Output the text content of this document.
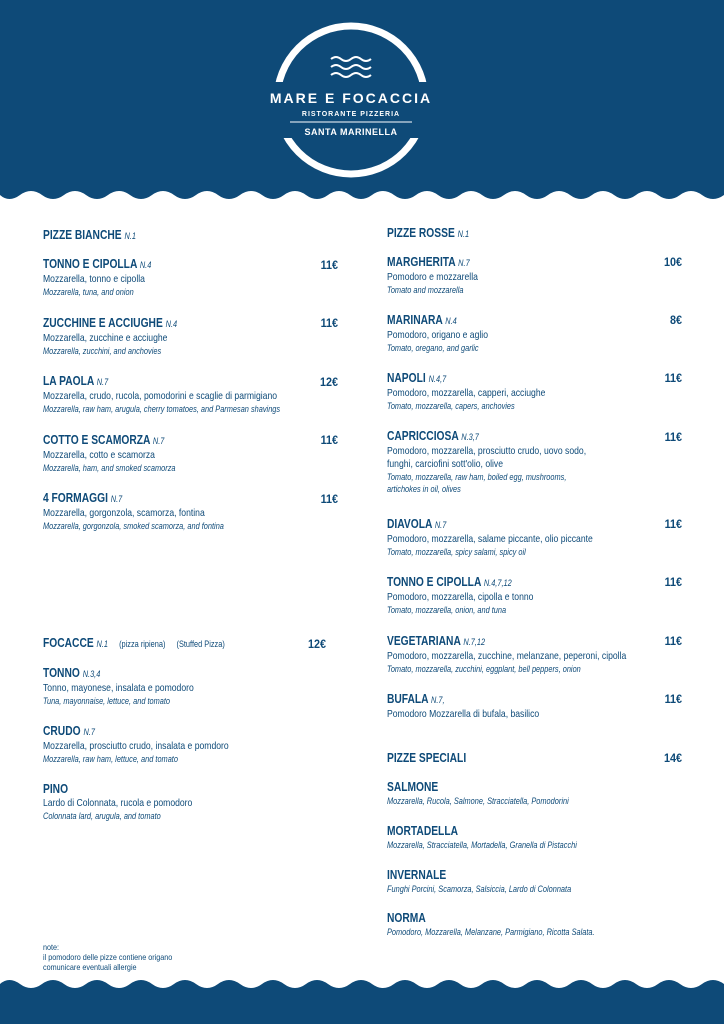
MARE E FOCACCIA
RISTORANTE PIZZERIA
SANTA MARINELLA
PIZZE BIANCHE N.1
TONNO E CIPOLLA N.4
Mozzarella, tonno e cipolla
Mozzarella, tuna, and onion
11€
ZUCCHINE E ACCIUGHE N.4
Mozzarella, zucchine e acciughe
Mozzarella, zucchini, and anchovies
11€
LA PAOLA N.7
Mozzarella, crudo, rucola, pomodorini e scaglie di parmigiano
Mozzarella, raw ham, arugula, cherry tomatoes, and Parmesan shavings
12€
COTTO E SCAMORZA N.7
Mozzarella, cotto e scamorza
Mozzarella, ham, and smoked scamorza
11€
4 FORMAGGI N.7
Mozzarella, gorgonzola, scamorza, fontina
Mozzarella, gorgonzola, smoked scamorza, and fontina
11€
FOCACCE N.1 (pizza ripiena) (Stuffed Pizza)	12€
TONNO N.3,4
Tonno, mayonese, insalata e pomodoro
Tuna, mayonnaise, lettuce, and tomato
CRUDO N.7
Mozzarella, prosciutto crudo, insalata e pomdoro
Mozzarella, raw ham, lettuce, and tomato
PINO
Lardo di Colonnata, rucola e pomodoro
Colonnata lard, arugula, and tomato
note:
il pomodoro delle pizze contiene origano
comunicare eventuali allergie
PIZZE ROSSE N.1
MARGHERITA N.7
Pomodoro e mozzarella
Tomato and mozzarella
10€
MARINARA N.4
Pomodoro, origano e aglio
Tomato, oregano, and garlic
8€
NAPOLI N.4,7
Pomodoro, mozzarella, capperi, acciughe
Tomato, mozzarella, capers, anchovies
11€
CAPRICCIOSA N.3,7
Pomodoro, mozzarella, prosciutto crudo, uovo sodo,
funghi, carciofini sott'olio, olive
Tomato, mozzarella, raw ham, boiled egg, mushrooms,
artichokes in oil, olives
11€
DIAVOLA N.7
Pomodoro, mozzarella, salame piccante, olio piccante
Tomato, mozzarella, spicy salami, spicy oil
11€
TONNO E CIPOLLA N.4,7,12
Pomodoro, mozzarella, cipolla e tonno
Tomato, mozzarella, onion, and tuna
11€
VEGETARIANA N.7,12
Pomodoro, mozzarella, zucchine, melanzane, peperoni, cipolla
Tomato, mozzarella, zucchini, eggplant, bell peppers, onion
11€
BUFALA N.7,
Pomodoro Mozzarella di bufala, basilico
11€
PIZZE SPECIALI	14€
SALMONE
Mozzarella, Rucola, Salmone, Stracciatella, Pomodorini
MORTADELLA
Mozzarella, Stracciatella, Mortadella, Granella di Pistacchi
INVERNALE
Funghi Porcini, Scamorza, Salsiccia, Lardo di Colonnata
NORMA
Pomodoro, Mozzarella, Melanzane, Parmigiano, Ricotta Salata.
